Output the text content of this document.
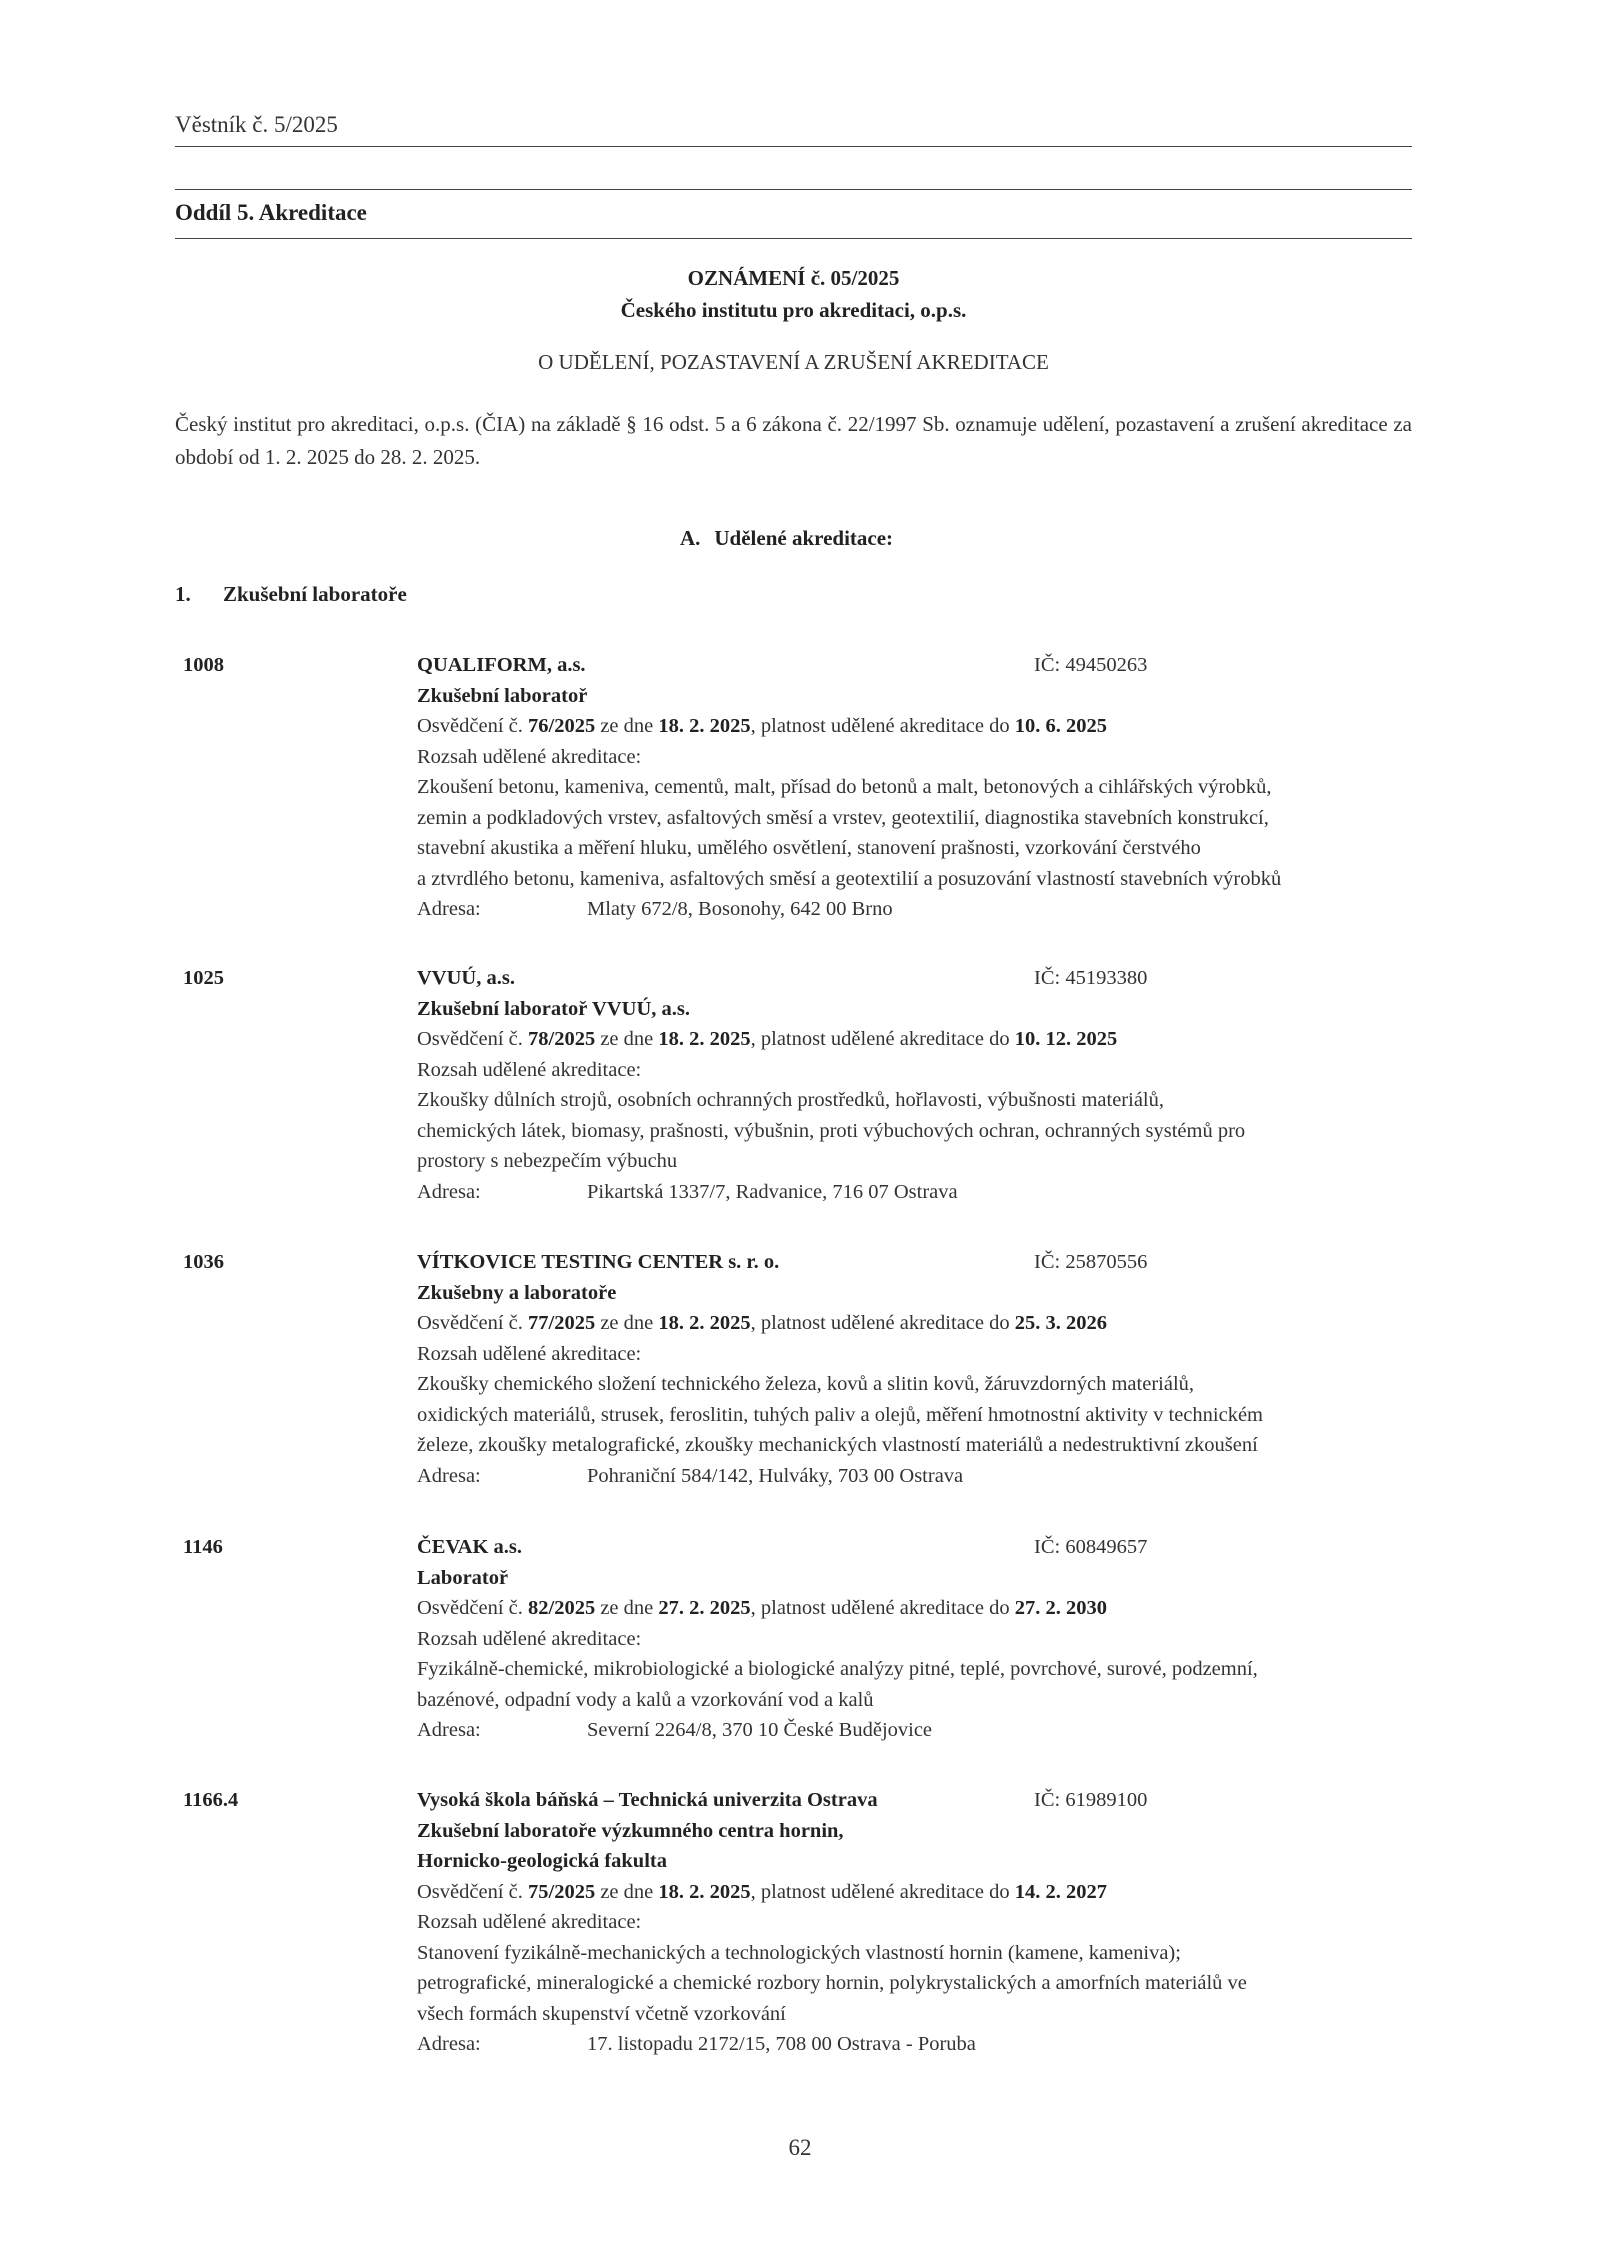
Věstník č. 5/2025
Oddíl 5. Akreditace
OZNÁMENÍ č. 05/2025
Českého institutu pro akreditaci, o.p.s.
O UDĚLENÍ, POZASTAVENÍ A ZRUŠENÍ AKREDITACE
Český institut pro akreditaci, o.p.s. (ČIA) na základě § 16 odst. 5 a 6 zákona č. 22/1997 Sb. oznamuje udělení, pozastavení a zrušení akreditace za období od 1. 2. 2025 do 28. 2. 2025.
A. Udělené akreditace:
1. Zkušební laboratoře
1008	QUALIFORM, a.s.	IČ: 49450263
Zkušební laboratoř
Osvědčení č. 76/2025 ze dne 18. 2. 2025, platnost udělené akreditace do 10. 6. 2025
Rozsah udělené akreditace:
Zkoušení betonu, kameniva, cementů, malt, přísad do betonů a malt, betonových a cihlářských výrobků,
zemin a podkladových vrstev, asfaltových směsí a vrstev, geotextilií, diagnostika stavebních konstrukcí,
stavební akustika a měření hluku, umělého osvětlení, stanovení prašnosti, vzorkování čerstvého
a ztvrdlého betonu, kameniva, asfaltových směsí a geotextilií a posuzování vlastností stavebních výrobků
Adresa:	Mlaty 672/8, Bosonohy, 642 00 Brno
1025	VVUÚ, a.s.	IČ: 45193380
Zkušební laboratoř VVUÚ, a.s.
Osvědčení č. 78/2025 ze dne 18. 2. 2025, platnost udělené akreditace do 10. 12. 2025
Rozsah udělené akreditace:
Zkoušky důlních strojů, osobních ochranných prostředků, hořlavosti, výbušnosti materiálů,
chemických látek, biomasy, prašnosti, výbušnin, proti výbuchových ochran, ochranných systémů pro
prostory s nebezpečím výbuchu
Adresa:	Pikartská 1337/7, Radvanice, 716 07 Ostrava
1036	VÍTKOVICE TESTING CENTER s. r. o.	IČ: 25870556
Zkušebny a laboratoře
Osvědčení č. 77/2025 ze dne 18. 2. 2025, platnost udělené akreditace do 25. 3. 2026
Rozsah udělené akreditace:
Zkoušky chemického složení technického železa, kovů a slitin kovů, žáruvzdorných materiálů,
oxidických materiálů, strusek, feroslitin, tuhých paliv a olejů, měření hmotnostní aktivity v technickém
železe, zkoušky metalografické, zkoušky mechanických vlastností materiálů a nedestruktivní zkoušení
Adresa:	Pohraniční 584/142, Hulváky, 703 00 Ostrava
1146	ČEVAK a.s.	IČ: 60849657
Laboratoř
Osvědčení č. 82/2025 ze dne 27. 2. 2025, platnost udělené akreditace do 27. 2. 2030
Rozsah udělené akreditace:
Fyzikálně-chemické, mikrobiologické a biologické analýzy pitné, teplé, povrchové, surové, podzemní,
bazénové, odpadní vody a kalů a vzorkování vod a kalů
Adresa:	Severní 2264/8, 370 10 České Budějovice
1166.4	Vysoká škola báňská – Technická univerzita Ostrava	IČ: 61989100
Zkušební laboratoře výzkumného centra hornin,
Hornicko-geologická fakulta
Osvědčení č. 75/2025 ze dne 18. 2. 2025, platnost udělené akreditace do 14. 2. 2027
Rozsah udělené akreditace:
Stanovení fyzikálně-mechanických a technologických vlastností hornin (kamene, kameniva);
petrografické, mineralogické a chemické rozbory hornin, polykrystalických a amorfních materiálů ve
všech formách skupenství včetně vzorkování
Adresa:	17. listopadu 2172/15, 708 00 Ostrava - Poruba
62
